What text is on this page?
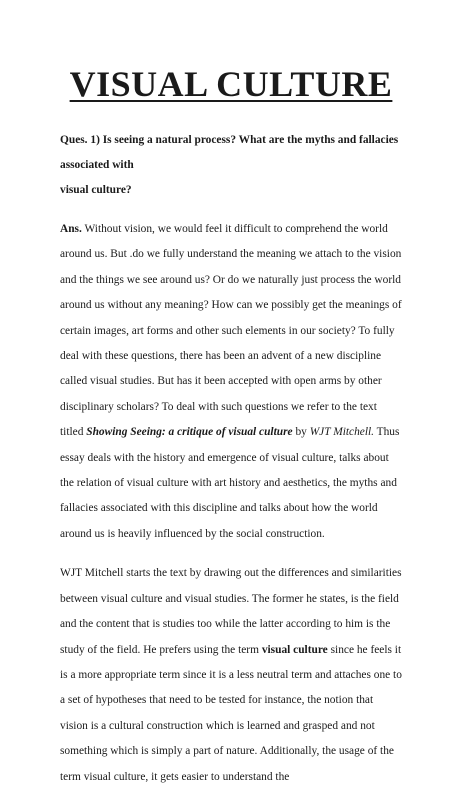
VISUAL CULTURE
Ques. 1) Is seeing a natural process? What are the myths and fallacies associated with
visual culture?

Ans. Without vision, we would feel it difficult to comprehend the world around us. But .do we fully understand the meaning we attach to the vision and the things we see around us? Or do we naturally just process the world around us without any meaning? How can we possibly get the meanings of certain images, art forms and other such elements in our society? To fully deal with these questions, there has been an advent of a new discipline called visual studies. But has it been accepted with open arms by other disciplinary scholars? To deal with such questions we refer to the text titled Showing Seeing: a critique of visual culture by WJT Mitchell. Thus essay deals with the history and emergence of visual culture, talks about the relation of visual culture with art history and aesthetics, the myths and fallacies associated with this discipline and talks about how the world around us is heavily influenced by the social construction.

WJT Mitchell starts the text by drawing out the differences and similarities between visual culture and visual studies. The former he states, is the field and the content that is studies too while the latter according to him is the study of the field. He prefers using the term visual culture since he feels it is a more appropriate term since it is a less neutral term and attaches one to a set of hypotheses that need to be tested for instance, the notion that vision is a cultural construction which is learned and grasped and not something which is simply a part of nature. Additionally, the usage of the term visual culture, it gets easier to understand the
